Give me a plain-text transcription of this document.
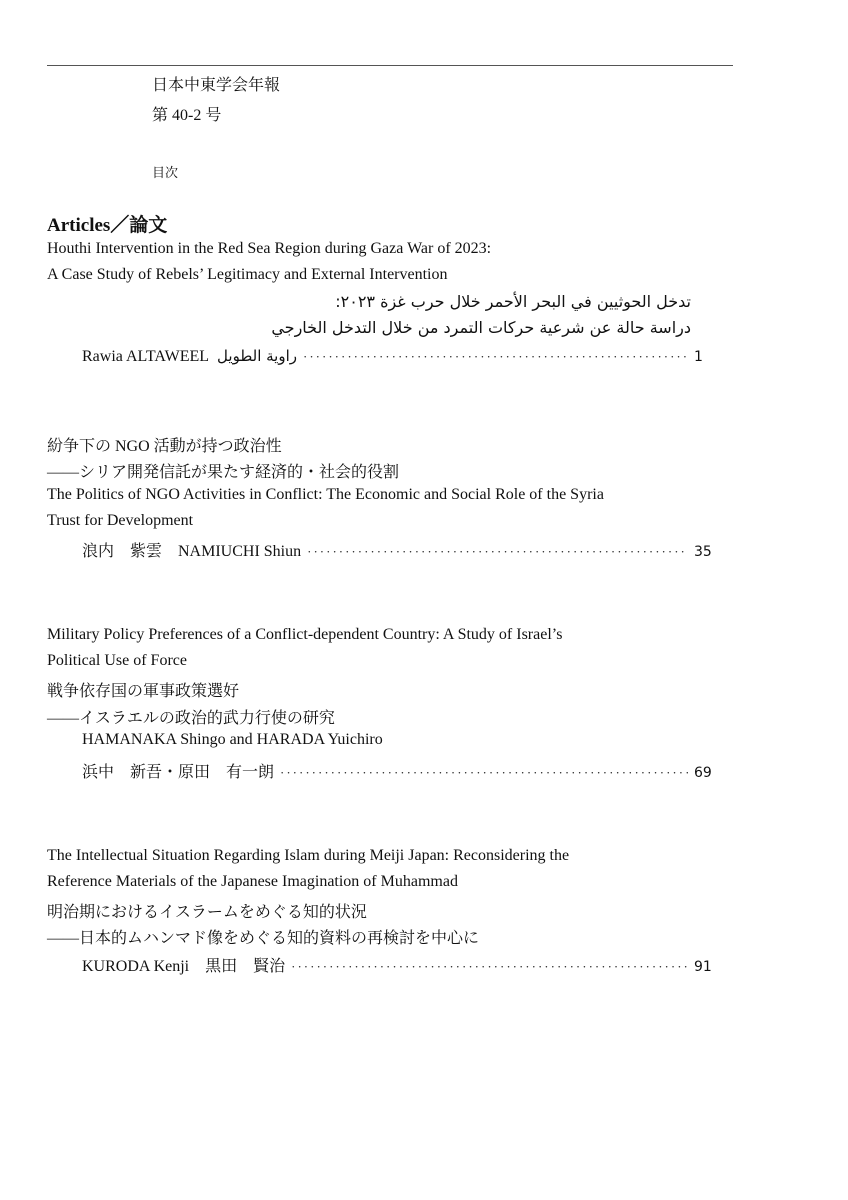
日本中東学会年報
第 40-2 号
目次
Articles／論文
Houthi Intervention in the Red Sea Region during Gaza War of 2023:
A Case Study of Rebels’ Legitimacy and External Intervention
تدخل الحوثيين في البحر الأحمر خلال حرب غزة ٢٠٢٣:
دراسة حالة عن شرعية حركات التمرد من خلال التدخل الخارجي
Rawia ALTAWEEL راوية الطويل ·····	1
紛争下の NGO 活動が持つ政治性
――シリア開発信託が果たす経済的・社会的役割
The Politics of NGO Activities in Conflict: The Economic and Social Role of the Syria
Trust for Development
浪内　紫雲　NAMIUCHI Shiun ·····	35
Military Policy Preferences of a Conflict-dependent Country: A Study of Israel’s
Political Use of Force
戦争依存国の軍事政策選好
――イスラエルの政治的武力行使の研究
HAMANAKA Shingo and HARADA Yuichiro
浜中　新吾・原田　有一朗 ·····	69
The Intellectual Situation Regarding Islam during Meiji Japan: Reconsidering the
Reference Materials of the Japanese Imagination of Muhammad
明治期におけるイスラームをめぐる知的状況
――日本的ムハンマド像をめぐる知的資料の再検討を中心に
KURODA Kenji　黒田　賢治 ·····	91
